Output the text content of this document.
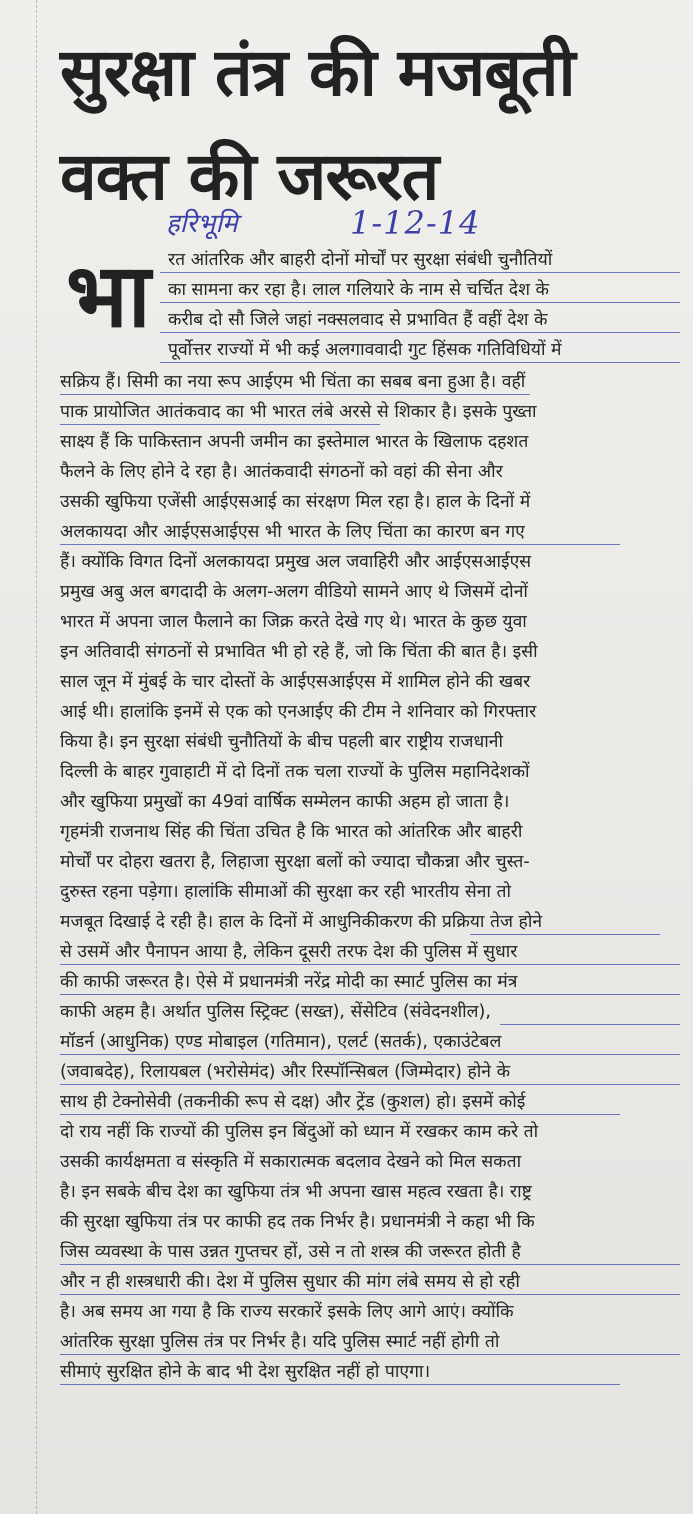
सुरक्षा तंत्र की मजबूती
वक्त की जरूरत
हरिभूमि	1-12-14
भा रत आंतरिक और बाहरी दोनों मोर्चों पर सुरक्षा संबंधी चुनौतियों
का सामना कर रहा है। लाल गलियारे के नाम से चर्चित देश के
करीब दो सौ जिले जहां नक्सलवाद से प्रभावित हैं वहीं देश के
पूर्वोत्तर राज्यों में भी कई अलगाववादी गुट हिंसक गतिविधियों में
सक्रिय हैं। सिमी का नया रूप आईएम भी चिंता का सबब बना हुआ है। वहीं
पाक प्रायोजित आतंकवाद का भी भारत लंबे अरसे से शिकार है। इसके पुख्ता
साक्ष्य हैं कि पाकिस्तान अपनी जमीन का इस्तेमाल भारत के खिलाफ दहशत
फैलने के लिए होने दे रहा है। आतंकवादी संगठनों को वहां की सेना और
उसकी खुफिया एजेंसी आईएसआई का संरक्षण मिल रहा है। हाल के दिनों में
अलकायदा और आईएसआईएस भी भारत के लिए चिंता का कारण बन गए
हैं। क्योंकि विगत दिनों अलकायदा प्रमुख अल जवाहिरी और आईएसआईएस
प्रमुख अबु अल बगदादी के अलग-अलग वीडियो सामने आए थे जिसमें दोनों
भारत में अपना जाल फैलाने का जिक्र करते देखे गए थे। भारत के कुछ युवा
इन अतिवादी संगठनों से प्रभावित भी हो रहे हैं, जो कि चिंता की बात है। इसी
साल जून में मुंबई के चार दोस्तों के आईएसआईएस में शामिल होने की खबर
आई थी। हालांकि इनमें से एक को एनआईए की टीम ने शनिवार को गिरफ्तार
किया है। इन सुरक्षा संबंधी चुनौतियों के बीच पहली बार राष्ट्रीय राजधानी
दिल्ली के बाहर गुवाहाटी में दो दिनों तक चला राज्यों के पुलिस महानिदेशकों
और खुफिया प्रमुखों का 49वां वार्षिक सम्मेलन काफी अहम हो जाता है।
गृहमंत्री राजनाथ सिंह की चिंता उचित है कि भारत को आंतरिक और बाहरी
मोर्चों पर दोहरा खतरा है, लिहाजा सुरक्षा बलों को ज्यादा चौकन्ना और चुस्त-
दुरुस्त रहना पड़ेगा। हालांकि सीमाओं की सुरक्षा कर रही भारतीय सेना तो
मजबूत दिखाई दे रही है। हाल के दिनों में आधुनिकीकरण की प्रक्रिया तेज होने
से उसमें और पैनापन आया है, लेकिन दूसरी तरफ देश की पुलिस में सुधार
की काफी जरूरत है। ऐसे में प्रधानमंत्री नरेंद्र मोदी का स्मार्ट पुलिस का मंत्र
काफी अहम है। अर्थात पुलिस स्ट्रिक्ट (सख्त), सेंसेटिव (संवेदनशील),
मॉडर्न (आधुनिक) एण्ड मोबाइल (गतिमान), एलर्ट (सतर्क), एकाउंटेबल
(जवाबदेह), रिलायबल (भरोसेमंद) और रिस्पॉन्सिबल (जिम्मेदार) होने के
साथ ही टेक्नोसेवी (तकनीकी रूप से दक्ष) और ट्रेंड (कुशल) हो। इसमें कोई
दो राय नहीं कि राज्यों की पुलिस इन बिंदुओं को ध्यान में रखकर काम करे तो
उसकी कार्यक्षमता व संस्कृति में सकारात्मक बदलाव देखने को मिल सकता
है। इन सबके बीच देश का खुफिया तंत्र भी अपना खास महत्व रखता है। राष्ट्र
की सुरक्षा खुफिया तंत्र पर काफी हद तक निर्भर है। प्रधानमंत्री ने कहा भी कि
जिस व्यवस्था के पास उन्नत गुप्तचर हों, उसे न तो शस्त्र की जरूरत होती है
और न ही शस्त्रधारी की। देश में पुलिस सुधार की मांग लंबे समय से हो रही
है। अब समय आ गया है कि राज्य सरकारें इसके लिए आगे आएं। क्योंकि
आंतरिक सुरक्षा पुलिस तंत्र पर निर्भर है। यदि पुलिस स्मार्ट नहीं होगी तो
सीमाएं सुरक्षित होने के बाद भी देश सुरक्षित नहीं हो पाएगा।
